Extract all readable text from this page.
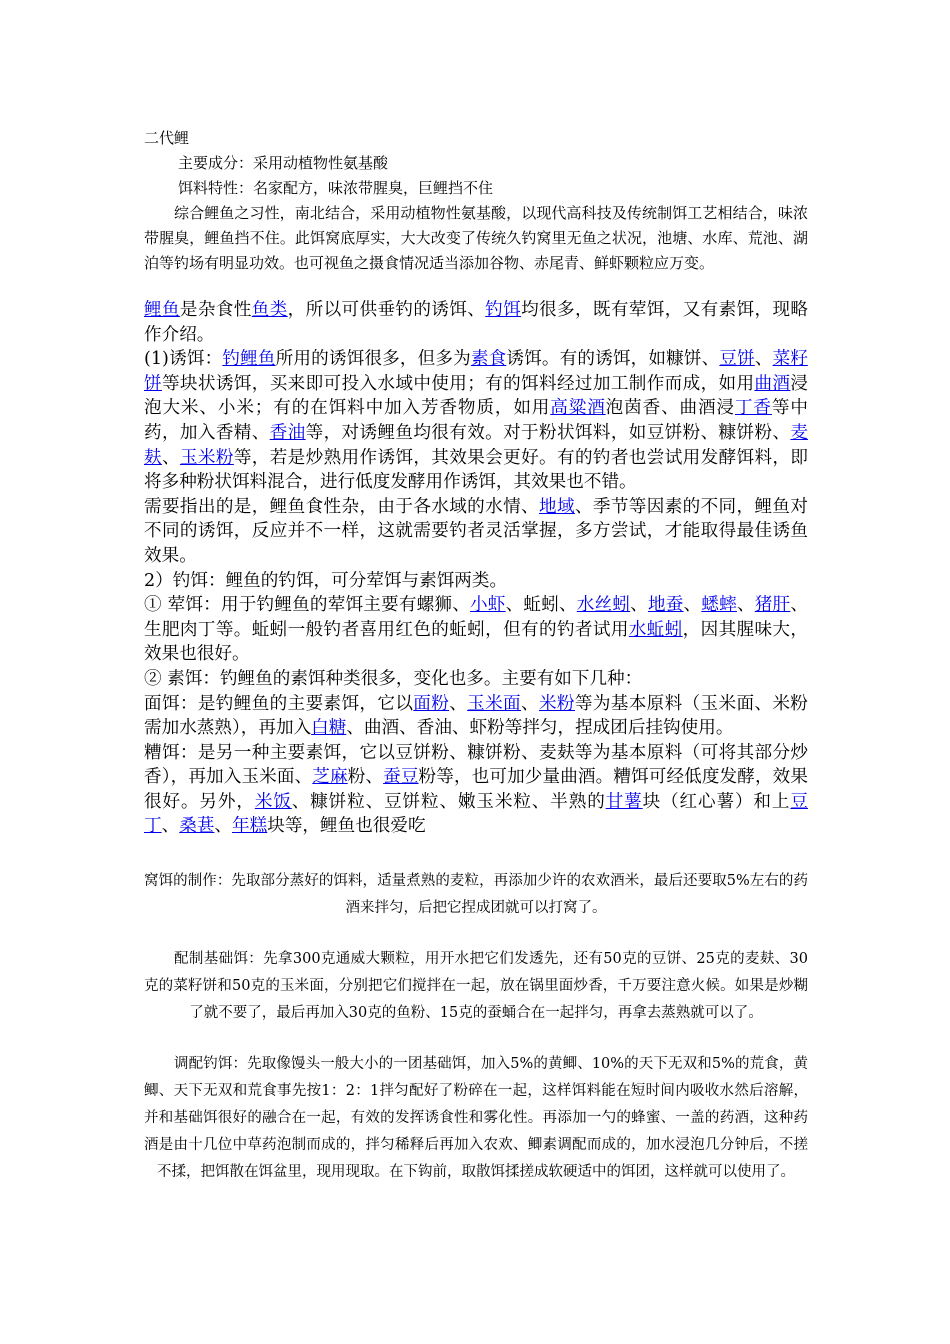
二代鲤

主要成分：采用动植物性氨基酸

饵料特性：名家配方，味浓带腥臭，巨鲤挡不住

综合鲤鱼之习性，南北结合，采用动植物性氨基酸，以现代高科技及传统制饵工艺相结合，味浓带腥臭，鲤鱼挡不住。此饵窝底厚实，大大改变了传统久钓窝里无鱼之状况，池塘、水库、荒池、湖泊等钓场有明显功效。也可视鱼之摄食情况适当添加谷物、赤尾青、鲜虾颗粒应万变。

鲤鱼是杂食性鱼类，所以可供垂钓的诱饵、钓饵均很多，既有荤饵，又有素饵，现略作介绍。

(1)诱饵：钓鲤鱼所用的诱饵很多，但多为素食诱饵。有的诱饵，如糠饼、豆饼、菜籽饼等块状诱饵，买来即可投入水域中使用；有的饵料经过加工制作而成，如用曲酒浸泡大米、小米；有的在饵料中加入芳香物质，如用高粱酒泡茵香、曲酒浸丁香等中药，加入香精、香油等，对诱鲤鱼均很有效。对于粉状饵料，如豆饼粉、糠饼粉、麦麸、玉米粉等，若是炒熟用作诱饵，其效果会更好。有的钓者也尝试用发酵饵料，即将多种粉状饵料混合，进行低度发酵用作诱饵，其效果也不错。

需要指出的是，鲤鱼食性杂，由于各水域的水情、地域、季节等因素的不同，鲤鱼对不同的诱饵，反应并不一样，这就需要钓者灵活掌握，多方尝试，才能取得最佳诱鱼效果。

2）钓饵：鲤鱼的钓饵，可分荤饵与素饵两类。

① 荤饵：用于钓鲤鱼的荤饵主要有螺狮、小虾、蚯蚓、水丝蚓、地蚕、蟋蟀、猪肝、生肥肉丁等。蚯蚓一般钓者喜用红色的蚯蚓，但有的钓者试用水蚯蚓，因其腥味大，效果也很好。

② 素饵：钓鲤鱼的素饵种类很多，变化也多。主要有如下几种：

面饵：是钓鲤鱼的主要素饵，它以面粉、玉米面、米粉等为基本原料（玉米面、米粉需加水蒸熟），再加入白糖、曲酒、香油、虾粉等拌匀，捏成团后挂钩使用。

糟饵：是另一种主要素饵，它以豆饼粉、糠饼粉、麦麸等为基本原料（可将其部分炒香），再加入玉米面、芝麻粉、蚕豆粉等，也可加少量曲酒。糟饵可经低度发酵，效果很好。另外，米饭、糠饼粒、豆饼粒、嫩玉米粒、半熟的甘薯块（红心薯）和上豆丁、桑葚、年糕块等，鲤鱼也很爱吃

窝饵的制作：先取部分蒸好的饵料，适量煮熟的麦粒，再添加少许的农欢酒米，最后还要取5%左右的药酒来拌匀，后把它捏成团就可以打窝了。

配制基础饵：先拿300克通威大颗粒，用开水把它们发透先，还有50克的豆饼、25克的麦麸、30克的菜籽饼和50克的玉米面，分别把它们搅拌在一起，放在锅里面炒香，千万要注意火候。如果是炒糊了就不要了，最后再加入30克的鱼粉、15克的蚕蛹合在一起拌匀，再拿去蒸熟就可以了。

调配钓饵：先取像馒头一般大小的一团基础饵，加入5%的黄鲫、10%的天下无双和5%的荒食，黄鲫、天下无双和荒食事先按1：2：1拌匀配好了粉碎在一起，这样饵料能在短时间内吸收水然后溶解，并和基础饵很好的融合在一起，有效的发挥诱食性和雾化性。再添加一勺的蜂蜜、一盖的药酒，这种药酒是由十几位中草药泡制而成的，拌匀稀释后再加入农欢、鲫素调配而成的，加水浸泡几分钟后，不搓不揉，把饵散在饵盆里，现用现取。在下钩前，取散饵揉搓成软硬适中的饵团，这样就可以使用了。
